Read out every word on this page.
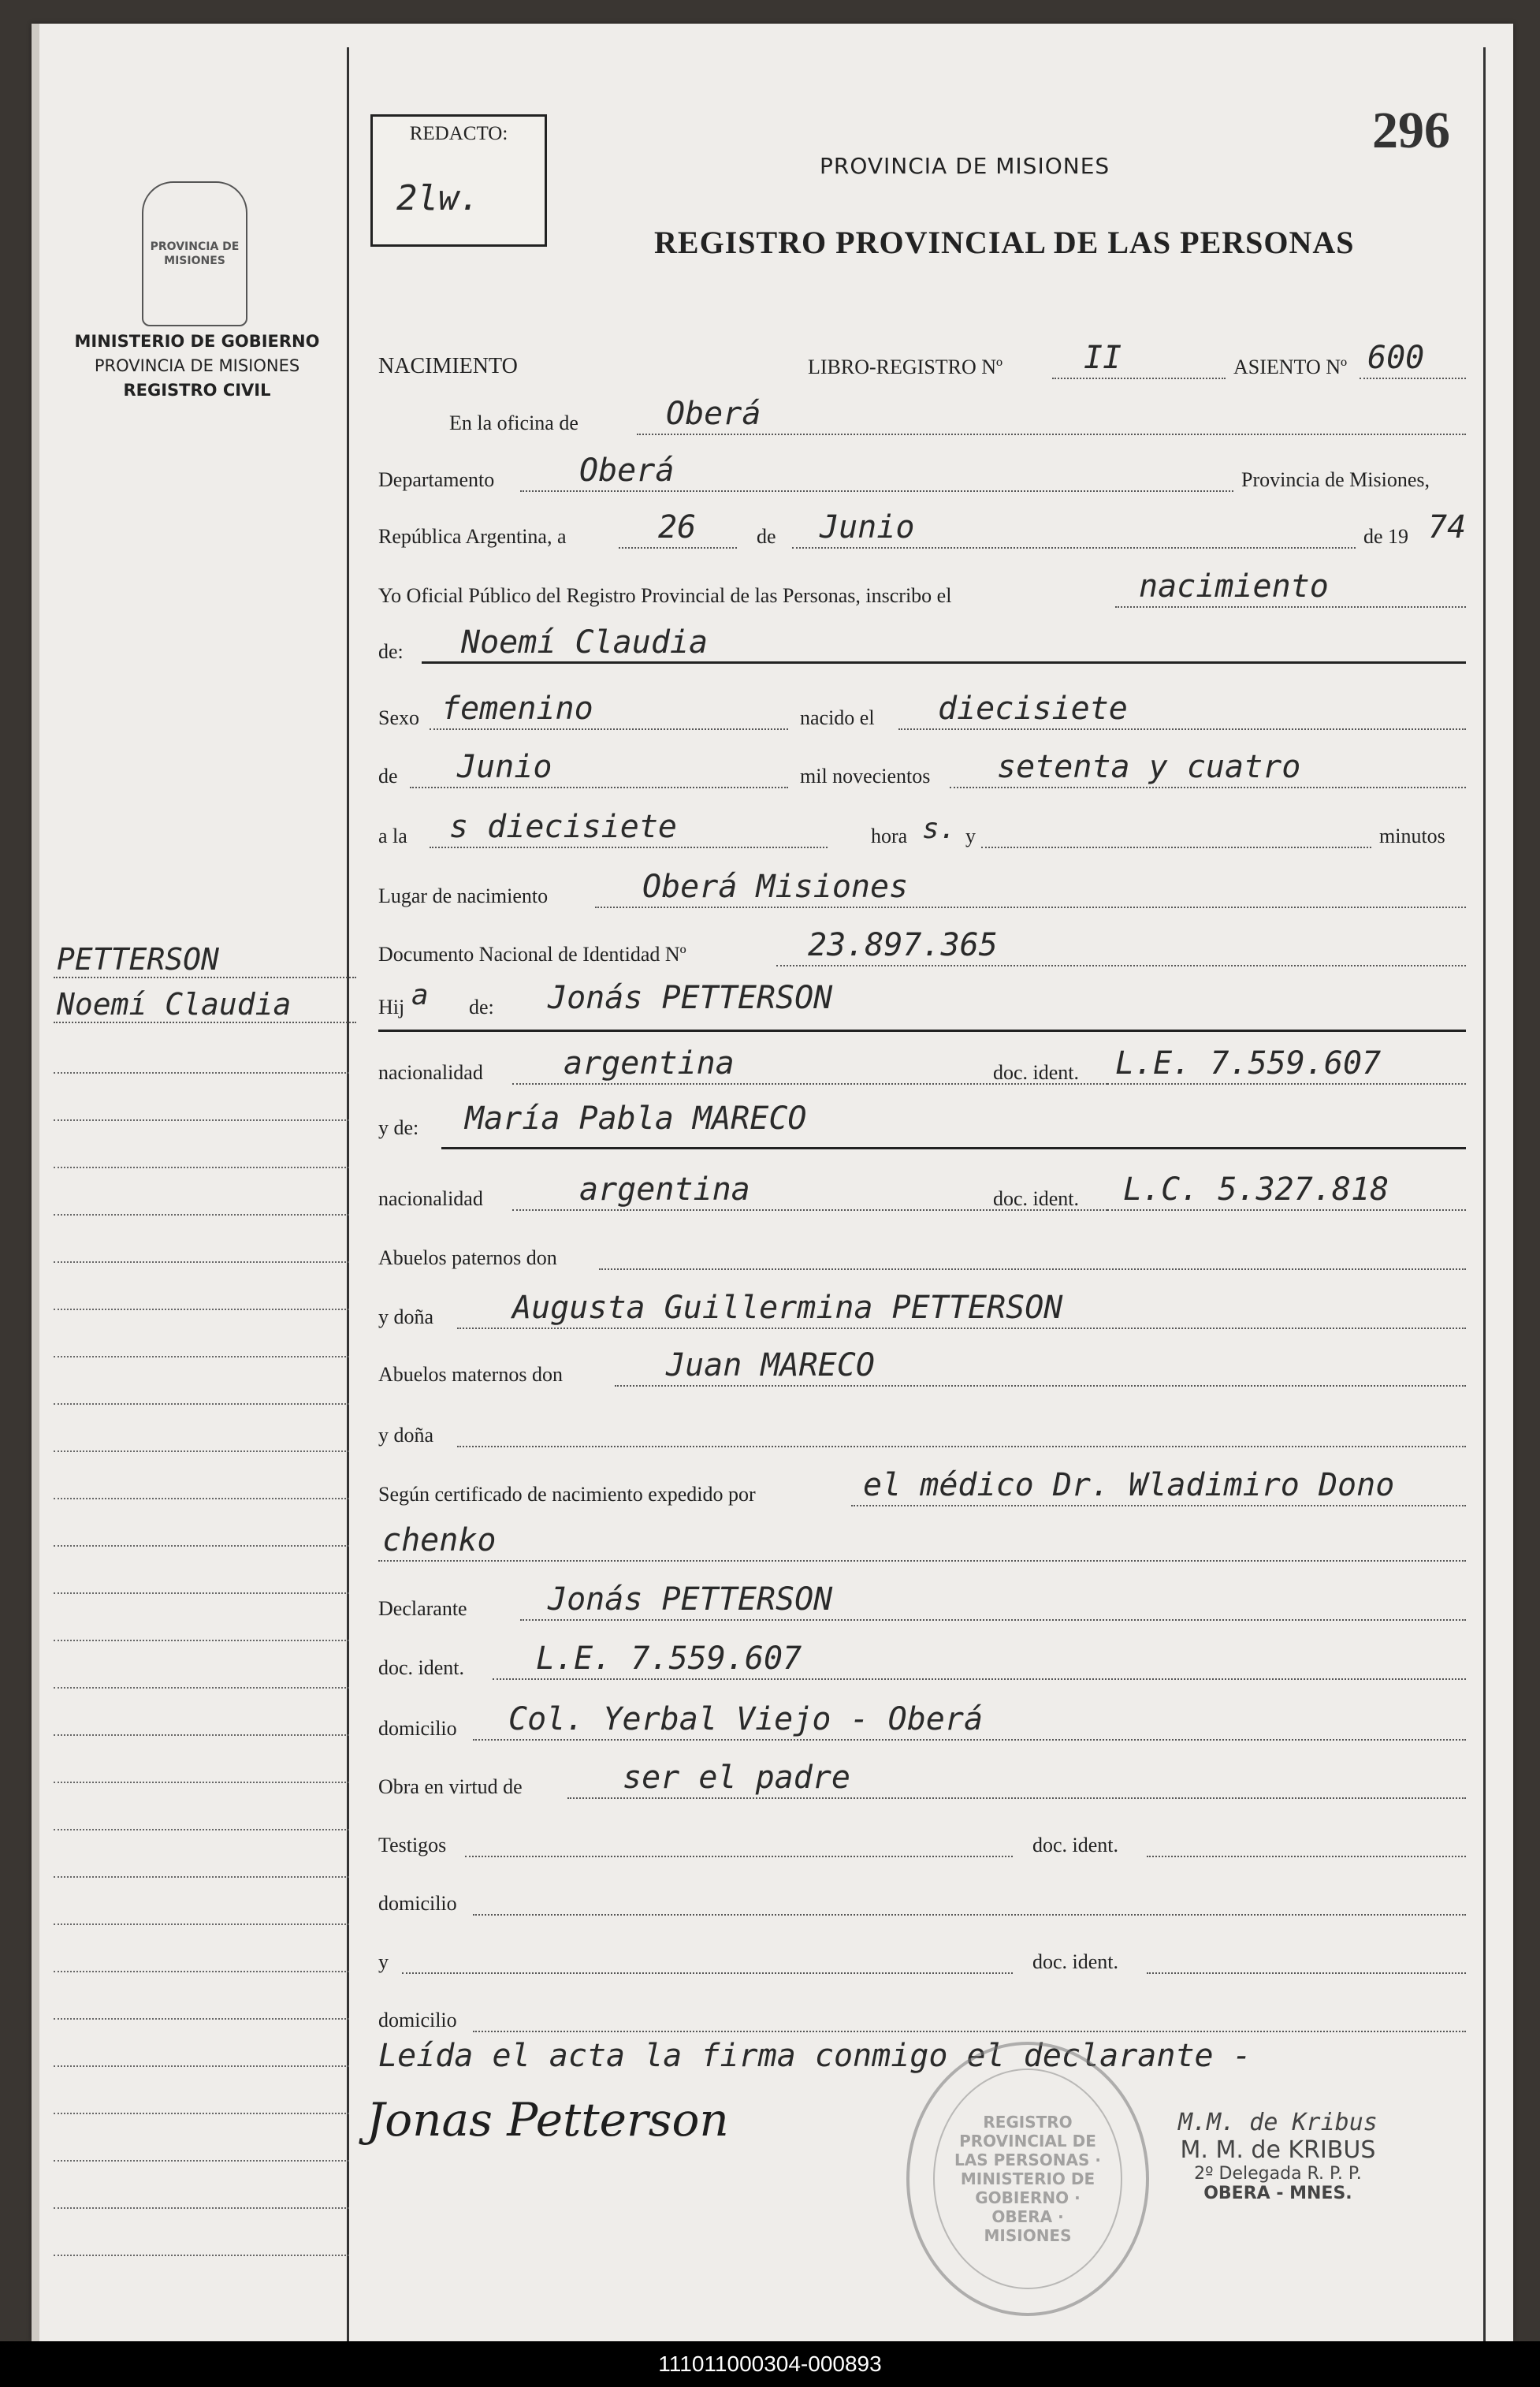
PROVINCIA DE MISIONES
MINISTERIO DE GOBIERNO
PROVINCIA DE MISIONES
REGISTRO CIVIL
PETTERSON
Noemí Claudia
REDACTO:
2lw.
296
PROVINCIA DE MISIONES
REGISTRO PROVINCIAL DE LAS PERSONAS
NACIMIENTO	LIBRO-REGISTRO Nº	II	ASIENTO Nº 600
En la oficina de	Oberá
Departamento	Oberá	Provincia de Misiones,
República Argentina, a	26	de Junio	de 19 74
Yo Oficial Público del Registro Provincial de las Personas, inscribo el	nacimiento
de: Noemí Claudia
Sexo femenino	nacido el diecisiete
de Junio	mil novecientos setenta y cuatro
a la s diecisiete	hora s. y	minutos
Lugar de nacimiento	Oberá Misiones
Documento Nacional de Identidad Nº	23.897.365
Hij a de: Jonás PETTERSON
nacionalidad	argentina	doc. ident. L.E. 7.559.607
y de: María Pabla MARECO
nacionalidad	argentina	doc. ident. L.C. 5.327.818
Abuelos paternos don
y doña Augusta Guillermina PETTERSON
Abuelos maternos don	Juan MARECO
y doña
Según certificado de nacimiento expedido por	el médico Dr. Wladimiro Dono
chenko
Declarante	Jonás PETTERSON
doc. ident. L.E. 7.559.607
domicilio Col. Yerbal Viejo - Oberá
Obra en virtud de	ser el padre
Testigos	doc. ident.
domicilio
y	doc. ident.
domicilio
Leída el acta la firma conmigo el declarante -
Jonas Petterson	REGISTRO PROVINCIAL DE LAS PERSONAS · MINISTERIO DE GOBIERNO · OBERA · MISIONES
M.M. de Kribus
M. M. de KRIBUS
2º Delegada R. P. P.
OBERA - MNES.
111011000304-000893
